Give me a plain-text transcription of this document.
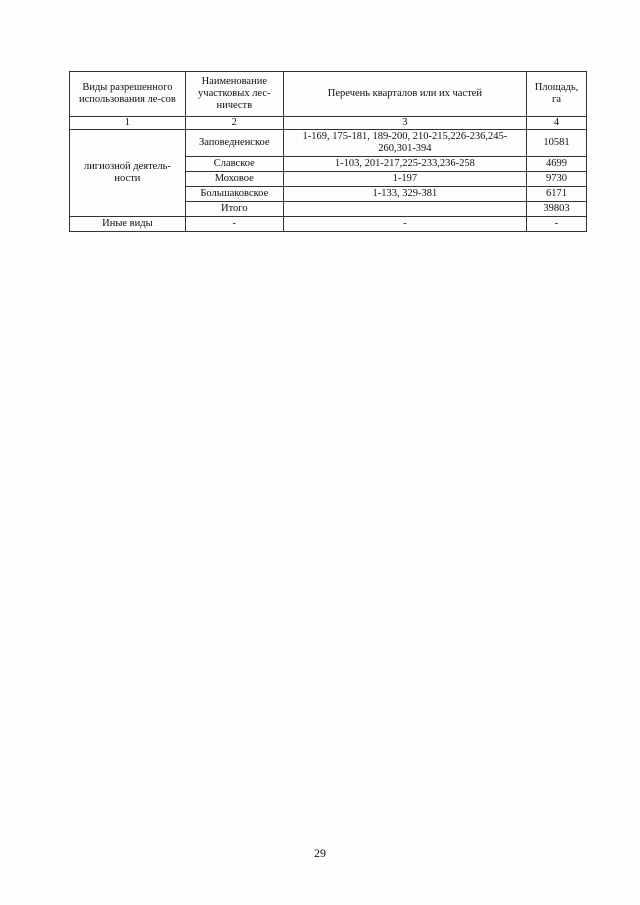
Виды разрешенного использования ле-сов	Наименование участковых лес-ничеств	Перечень кварталов или их частей	Площадь, га
1	2	3	4
лигиозной деятель-ности	Заповедненское	1-169, 175-181, 189-200, 210-215,226-236,245-260,301-394	10581
	Славское	1-103, 201-217,225-233,236-258	4699
	Моховое	1-197	9730
	Большаковское	1-133, 329-381	6171
	Итого		39803
Иные виды	-	-	-
29
